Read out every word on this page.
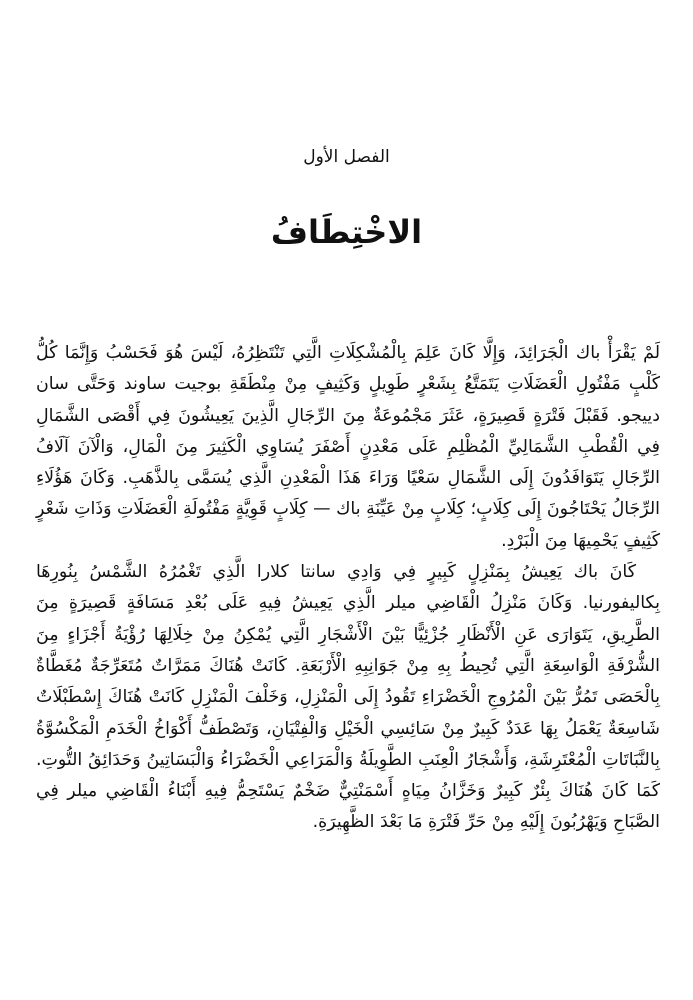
الفصل الأول
الاخْتِطَافُ

لَمْ يَقْرَأْ باك الْجَرَائِدَ، وَإِلَّا كَانَ عَلِمَ بِالْمُشْكِلَاتِ الَّتِي تَنْتَظِرُهُ، لَيْسَ هُوَ فَحَسْبُ وَإِنَّمَا كُلُّ كَلْبٍ مَفْتُولِ الْعَضَلَاتِ يَتَمَتَّعُ بِشَعْرٍ طَوِيلٍ وَكَثِيفٍ مِنْ مِنْطَقَةِ بوجيت ساوند وَحَتَّى سان دييجو. فَقَبْلَ فَتْرَةٍ قَصِيرَةٍ، عَثَرَ مَجْمُوعَةٌ مِنَ الرِّجَالِ الَّذِينَ يَعِيشُونَ فِي أَقْصَى الشَّمَالِ فِي الْقُطْبِ الشَّمَالِيِّ الْمُظْلِمِ عَلَى مَعْدِنٍ أَصْفَرَ يُسَاوِي الْكَثِيرَ مِنَ الْمَالِ، وَالْآنَ آلَافُ الرِّجَالِ يَتَوَافَدُونَ إِلَى الشَّمَالِ سَعْيًا وَرَاءَ هَذَا الْمَعْدِنِ الَّذِي يُسَمَّى بِالذَّهَبِ. وَكَانَ هَؤُلَاءِ الرِّجَالُ يَحْتَاجُونَ إِلَى كِلَابٍ؛ كِلَابٍ مِنْ عَيِّنَةِ باك — كِلَابٍ قَوِيَّةٍ مَفْتُولَةِ الْعَضَلَاتِ وَذَاتِ شَعْرٍ كَثِيفٍ يَحْمِيهَا مِنَ الْبَرْدِ.

كَانَ باك يَعِيشُ بِمَنْزِلٍ كَبِيرٍ فِي وَادِي سانتا كلارا الَّذِي تَغْمُرُهُ الشَّمْسُ بِنُورِهَا بِكاليفورنيا. وَكَانَ مَنْزِلُ الْقَاضِي ميلر الَّذِي يَعِيشُ فِيهِ عَلَى بُعْدِ مَسَافَةٍ قَصِيرَةٍ مِنَ الطَّرِيقِ، يَتَوَارَى عَنِ الْأَنْظَارِ جُزْئِيًّا بَيْنَ الْأَشْجَارِ الَّتِي يُمْكِنُ مِنْ خِلَالِهَا رُؤْيَةُ أَجْزَاءٍ مِنَ الشُّرْفَةِ الْوَاسِعَةِ الَّتِي تُحِيطُ بِهِ مِنْ جَوَانِبِهِ الْأَرْبَعَةِ. كَانَتْ هُنَاكَ مَمَرَّاتٌ مُتَعَرِّجَةٌ مُغَطَّاةٌ بِالْحَصَى تَمُرُّ بَيْنَ الْمُرُوجِ الْخَضْرَاءِ تَقُودُ إِلَى الْمَنْزِلِ، وَخَلْفَ الْمَنْزِلِ كَانَتْ هُنَاكَ إِسْطَبْلَاتٌ شَاسِعَةٌ يَعْمَلُ بِهَا عَدَدٌ كَبِيرٌ مِنْ سَائِسِي الْخَيْلِ وَالْفِتْيَانِ، وَتَصْطَفُّ أَكْوَاخُ الْخَدَمِ الْمَكْسُوَّةُ بِالنَّبَاتَاتِ الْمُعْتَرِشَةِ، وَأَشْجَارُ الْعِنَبِ الطَّوِيلَةُ وَالْمَرَاعِي الْخَضْرَاءُ وَالْبَسَاتِينُ وَحَدَائِقُ التُّوتِ. كَمَا كَانَ هُنَاكَ بِئْرٌ كَبِيرٌ وَخَزَّانُ مِيَاهٍ أَسْمَنْتِيٌّ ضَخْمٌ يَسْتَحِمُّ فِيهِ أَبْنَاءُ الْقَاضِي ميلر فِي الصَّبَاحِ وَيَهْرُبُونَ إِلَيْهِ مِنْ حَرِّ فَتْرَةِ مَا بَعْدَ الظَّهِيرَةِ.
